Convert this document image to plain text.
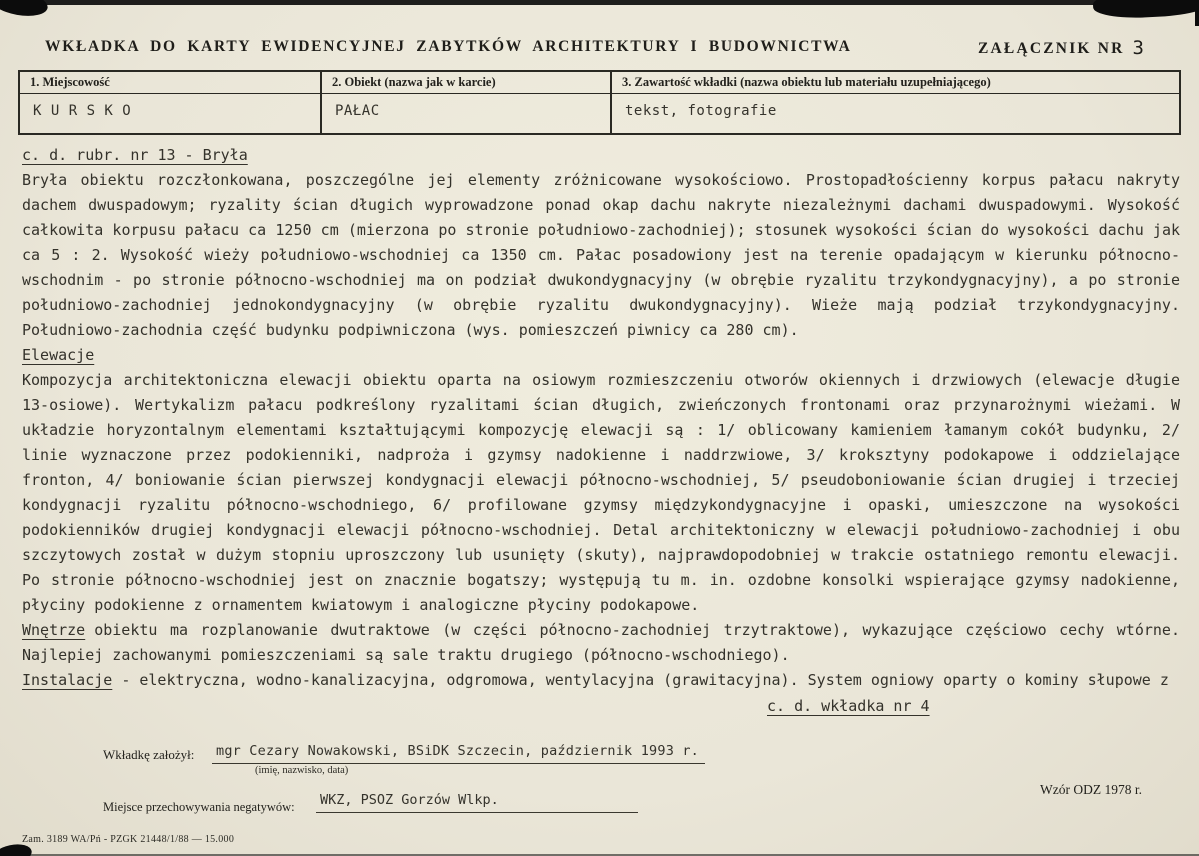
WKŁADKA DO KARTY EWIDENCYJNEJ ZABYTKÓW ARCHITEKTURY I BUDOWNICTWA	ZAŁĄCZNIK NR 3
1. Miejscowość
K U R S K O
2. Obiekt (nazwa jak w karcie)
PAŁAC
3. Zawartość wkładki (nazwa obiektu lub materiału uzupełniającego)
tekst, fotografie
c. d. rubr. nr 13 - Bryła
Bryła obiektu rozczłonkowana, poszczególne jej elementy zróżnicowane wysokościowo. Prostopadłościenny korpus pałacu nakryty dachem dwuspadowym; ryzality ścian długich wyprowadzone ponad okap dachu nakryte niezależnymi dachami dwuspadowymi. Wysokość całkowita korpusu pałacu ca 1250 cm (mierzona po stronie południowo-zachodniej); stosunek wysokości ścian do wysokości dachu jak ca 5 : 2. Wysokość wieży południowo-wschodniej ca 1350 cm. Pałac posadowiony jest na terenie opadającym w kierunku północno-wschodnim - po stronie północno-wschodniej ma on podział dwukondygnacyjny (w obrębie ryzalitu trzykondygnacyjny), a po stronie południowo-zachodniej jednokondygnacyjny (w obrębie ryzalitu dwukondygnacyjny). Wieże mają podział trzykondygnacyjny. Południowo-zachodnia część budynku podpiwniczona (wys. pomieszczeń piwnicy ca 280 cm).
Elewacje
Kompozycja architektoniczna elewacji obiektu oparta na osiowym rozmieszczeniu otworów okiennych i drzwiowych (elewacje długie 13-osiowe). Wertykalizm pałacu podkreślony ryzalitami ścian długich, zwieńczonych frontonami oraz przynarożnymi wieżami. W układzie horyzontalnym elementami kształtującymi kompozycję elewacji są : 1/ oblicowany kamieniem łamanym cokół budynku, 2/ linie wyznaczone przez podokienniki, nadproża i gzymsy nadokienne i naddrzwiowe, 3/ kroksztyny podokapowe i oddzielające fronton, 4/ boniowanie ścian pierwszej kondygnacji elewacji północno-wschodniej, 5/ pseudoboniowanie ścian drugiej i trzeciej kondygnacji ryzalitu północno-wschodniego, 6/ profilowane gzymsy międzykondygnacyjne i opaski, umieszczone na wysokości podokienników drugiej kondygnacji elewacji północno-wschodniej. Detal architektoniczny w elewacji południowo-zachodniej i obu szczytowych został w dużym stopniu uproszczony lub usunięty (skuty), najprawdopodobniej w trakcie ostatniego remontu elewacji. Po stronie północno-wschodniej jest on znacznie bogatszy; występują tu m. in. ozdobne konsolki wspierające gzymsy nadokienne, płyciny podokienne z ornamentem kwiatowym i analogiczne płyciny podokapowe.
Wnętrze obiektu ma rozplanowanie dwutraktowe (w części północno-zachodniej trzytraktowe), wykazujące częściowo cechy wtórne. Najlepiej zachowanymi pomieszczeniami są sale traktu drugiego (północno-wschodniego).
Instalacje - elektryczna, wodno-kanalizacyjna, odgromowa, wentylacyjna (grawitacyjna). System ogniowy oparty o kominy słupowe z
c. d. wkładka nr 4
Wkładkę założył: mgr Cezary Nowakowski, BSiDK Szczecin, październik 1993 r.
(imię, nazwisko, data)
Miejsce przechowywania negatywów: WKZ, PSOZ Gorzów Wlkp.
Wzór ODZ 1978 r.
Zam. 3189 WA/Pń - PZGK 21448/1/88 — 15.000
